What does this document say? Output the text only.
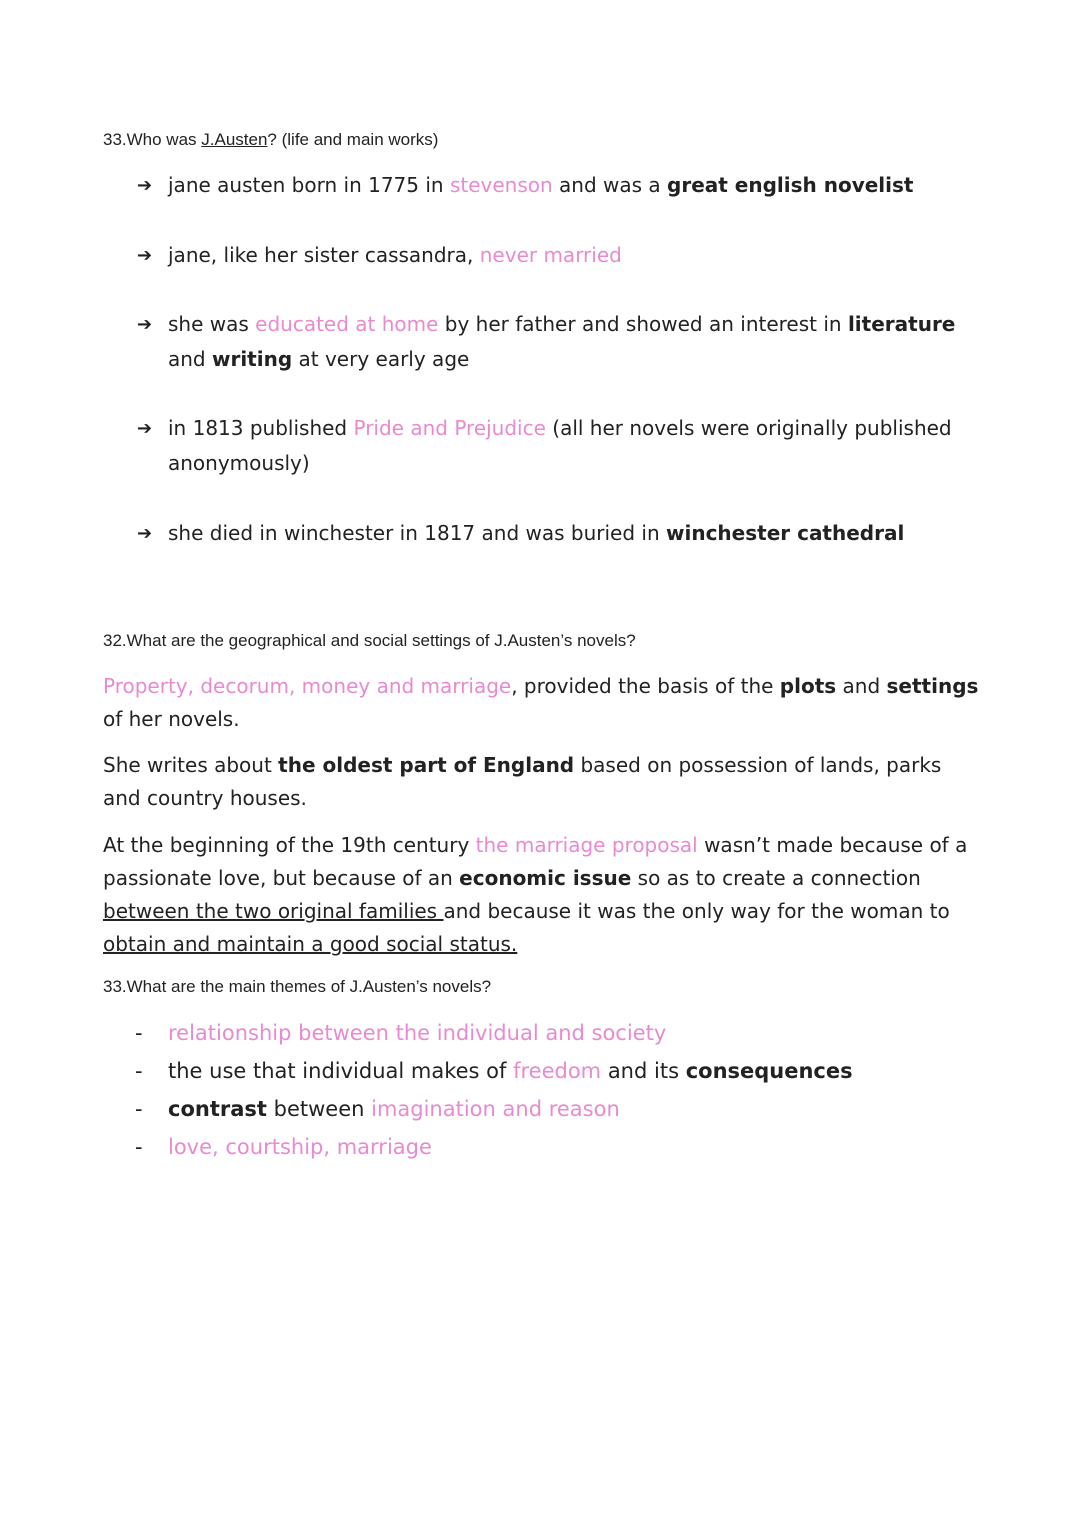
33.Who was J.Austen? (life and main works)

➔ jane austen born in 1775 in stevenson and was a great english novelist
➔ jane, like her sister cassandra, never married
➔ she was educated at home by her father and showed an interest in literature and writing at very early age
➔ in 1813 published Pride and Prejudice (all her novels were originally published anonymously)
➔ she died in winchester in 1817 and was buried in winchester cathedral

32.What are the geographical and social settings of J.Austen’s novels?

Property, decorum, money and marriage, provided the basis of the plots and settings of her novels.

She writes about the oldest part of England based on possession of lands, parks and country houses.

At the beginning of the 19th century the marriage proposal wasn’t made because of a passionate love, but because of an economic issue so as to create a connection between the two original families and because it was the only way for the woman to obtain and maintain a good social status.

33.What are the main themes of J.Austen’s novels?

- relationship between the individual and society
- the use that individual makes of freedom and its consequences
- contrast between imagination and reason
- love, courtship, marriage
